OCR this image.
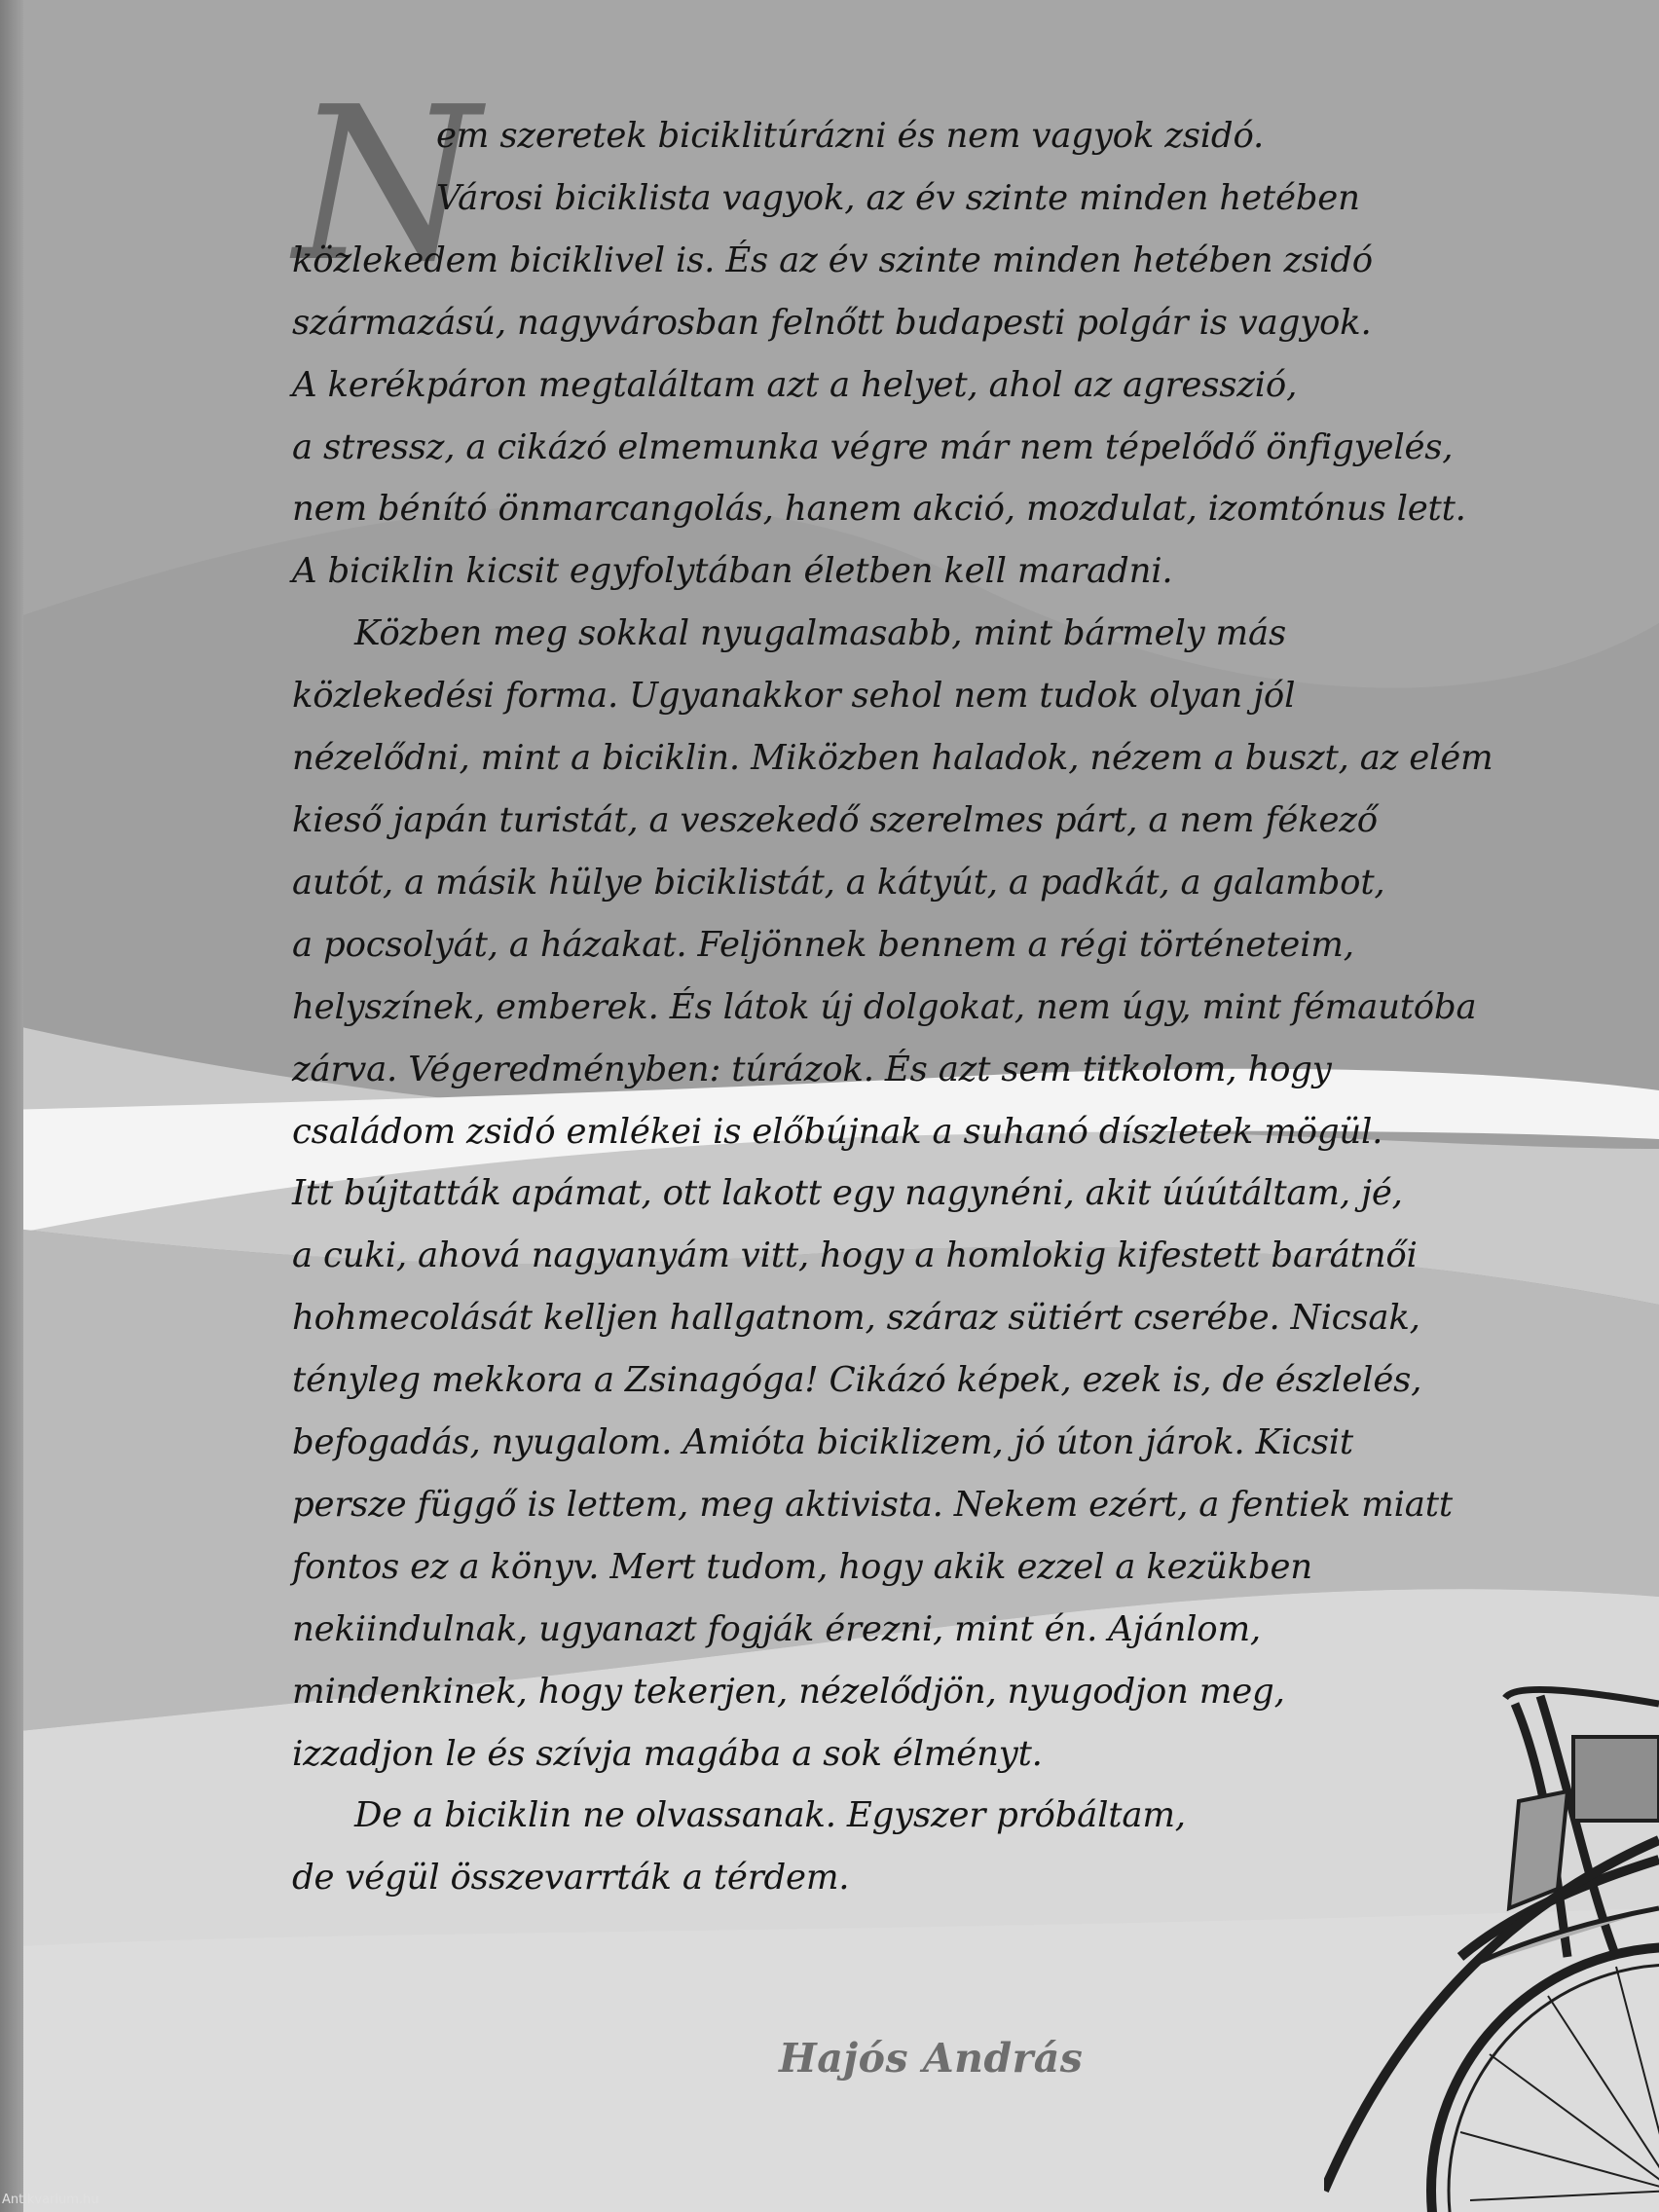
N
em szeretek biciklitúrázni és nem vagyok zsidó.
Városi biciklista vagyok, az év szinte minden hetében
közlekedem biciklivel is. És az év szinte minden hetében zsidó
származású, nagyvárosban felnőtt budapesti polgár is vagyok.
A kerékpáron megtaláltam azt a helyet, ahol az agresszió,
a stressz, a cikázó elmemunka végre már nem tépelődő önfigyelés,
nem bénító önmarcangolás, hanem akció, mozdulat, izomtónus lett.
A biciklin kicsit egyfolytában életben kell maradni.
Közben meg sokkal nyugalmasabb, mint bármely más
közlekedési forma. Ugyanakkor sehol nem tudok olyan jól
nézelődni, mint a biciklin. Miközben haladok, nézem a buszt, az elém
kieső japán turistát, a veszekedő szerelmes párt, a nem fékező
autót, a másik hülye biciklistát, a kátyút, a padkát, a galambot,
a pocsolyát, a házakat. Feljönnek bennem a régi történeteim,
helyszínek, emberek. És látok új dolgokat, nem úgy, mint fémautóba
zárva. Végeredményben: túrázok. És azt sem titkolom, hogy
családom zsidó emlékei is előbújnak a suhanó díszletek mögül.
Itt bújtatták apámat, ott lakott egy nagynéni, akit úúútáltam, jé,
a cuki, ahová nagyanyám vitt, hogy a homlokig kifestett barátnői
hohmecolását kelljen hallgatnom, száraz sütiért cserébe. Nicsak,
tényleg mekkora a Zsinagóga! Cikázó képek, ezek is, de észlelés,
befogadás, nyugalom. Amióta biciklizem, jó úton járok. Kicsit
persze függő is lettem, meg aktivista. Nekem ezért, a fentiek miatt
fontos ez a könyv. Mert tudom, hogy akik ezzel a kezükben
nekiindulnak, ugyanazt fogják érezni, mint én. Ajánlom,
mindenkinek, hogy tekerjen, nézelődjön, nyugodjon meg,
izzadjon le és szívja magába a sok élményt.
De a biciklin ne olvassanak. Egyszer próbáltam,
de végül összevarrták a térdem.
Hajós András
Antikvarium.hu
